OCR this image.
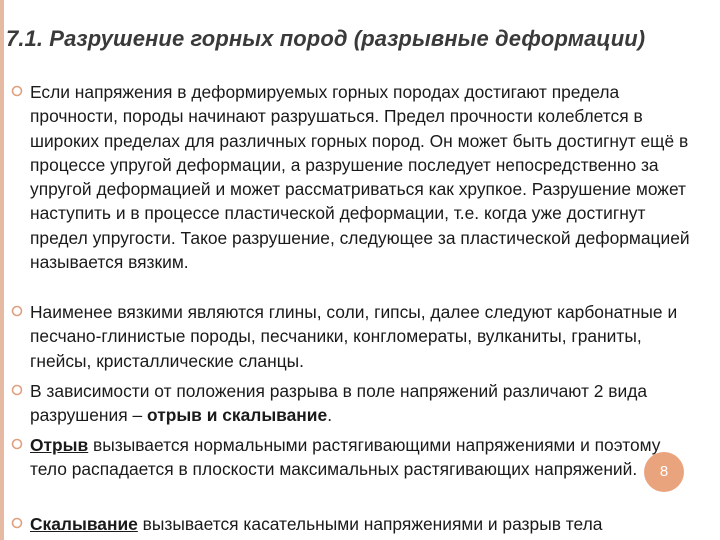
7.1. Разрушение горных пород (разрывные деформации)
Если напряжения в деформируемых горных породах достигают предела прочности, породы начинают разрушаться. Предел прочности колеблется в широких пределах для различных горных пород. Он может быть достигнут ещё в процессе упругой деформации, а разрушение последует непосредственно за упругой деформацией и может рассматриваться как хрупкое. Разрушение может наступить и в процессе пластической деформации, т.е. когда уже достигнут предел упругости. Такое разрушение, следующее за пластической деформацией называется вязким.
Наименее вязкими являются глины, соли, гипсы, далее следуют карбонатные и песчано-глинистые породы, песчаники, конгломераты, вулканиты, граниты, гнейсы, кристаллические сланцы.
В зависимости от положения разрыва в поле напряжений различают 2 вида разрушения – отрыв и скалывание.
Отрыв вызывается нормальными растягивающими напряжениями и поэтому тело распадается в плоскости максимальных растягивающих напряжений.
Скалывание вызывается касательными напряжениями и разрыв тела
8
